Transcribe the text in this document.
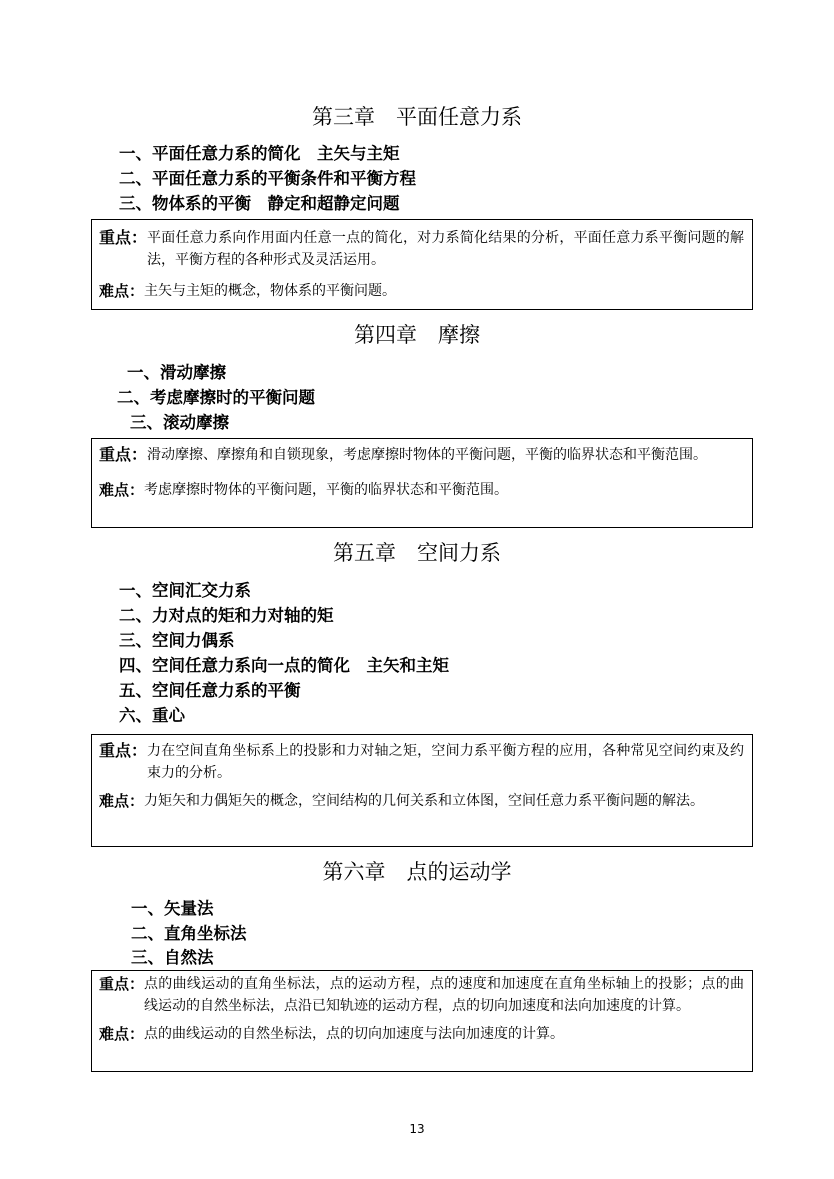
第三章　平面任意力系
一、平面任意力系的简化　主矢与主矩
二、平面任意力系的平衡条件和平衡方程
三、物体系的平衡　静定和超静定问题
重点： 平面任意力系向作用面内任意一点的简化，对力系简化结果的分析，平面任意力系平衡问题的解法，平衡方程的各种形式及灵活运用。
难点： 主矢与主矩的概念，物体系的平衡问题。
第四章　摩擦
一、滑动摩擦
二、考虑摩擦时的平衡问题
三、滚动摩擦
重点： 滑动摩擦、摩擦角和自锁现象，考虑摩擦时物体的平衡问题，平衡的临界状态和平衡范围。
难点： 考虑摩擦时物体的平衡问题，平衡的临界状态和平衡范围。
第五章　空间力系
一、空间汇交力系
二、力对点的矩和力对轴的矩
三、空间力偶系
四、空间任意力系向一点的简化　主矢和主矩
五、空间任意力系的平衡
六、重心
重点： 力在空间直角坐标系上的投影和力对轴之矩，空间力系平衡方程的应用，各种常见空间约束及约束力的分析。
难点： 力矩矢和力偶矩矢的概念，空间结构的几何关系和立体图，空间任意力系平衡问题的解法。
第六章　点的运动学
一、矢量法
二、直角坐标法
三、自然法
重点： 点的曲线运动的直角坐标法，点的运动方程，点的速度和加速度在直角坐标轴上的投影；点的曲线运动的自然坐标法，点沿已知轨迹的运动方程，点的切向加速度和法向加速度的计算。
难点： 点的曲线运动的自然坐标法，点的切向加速度与法向加速度的计算。
13
